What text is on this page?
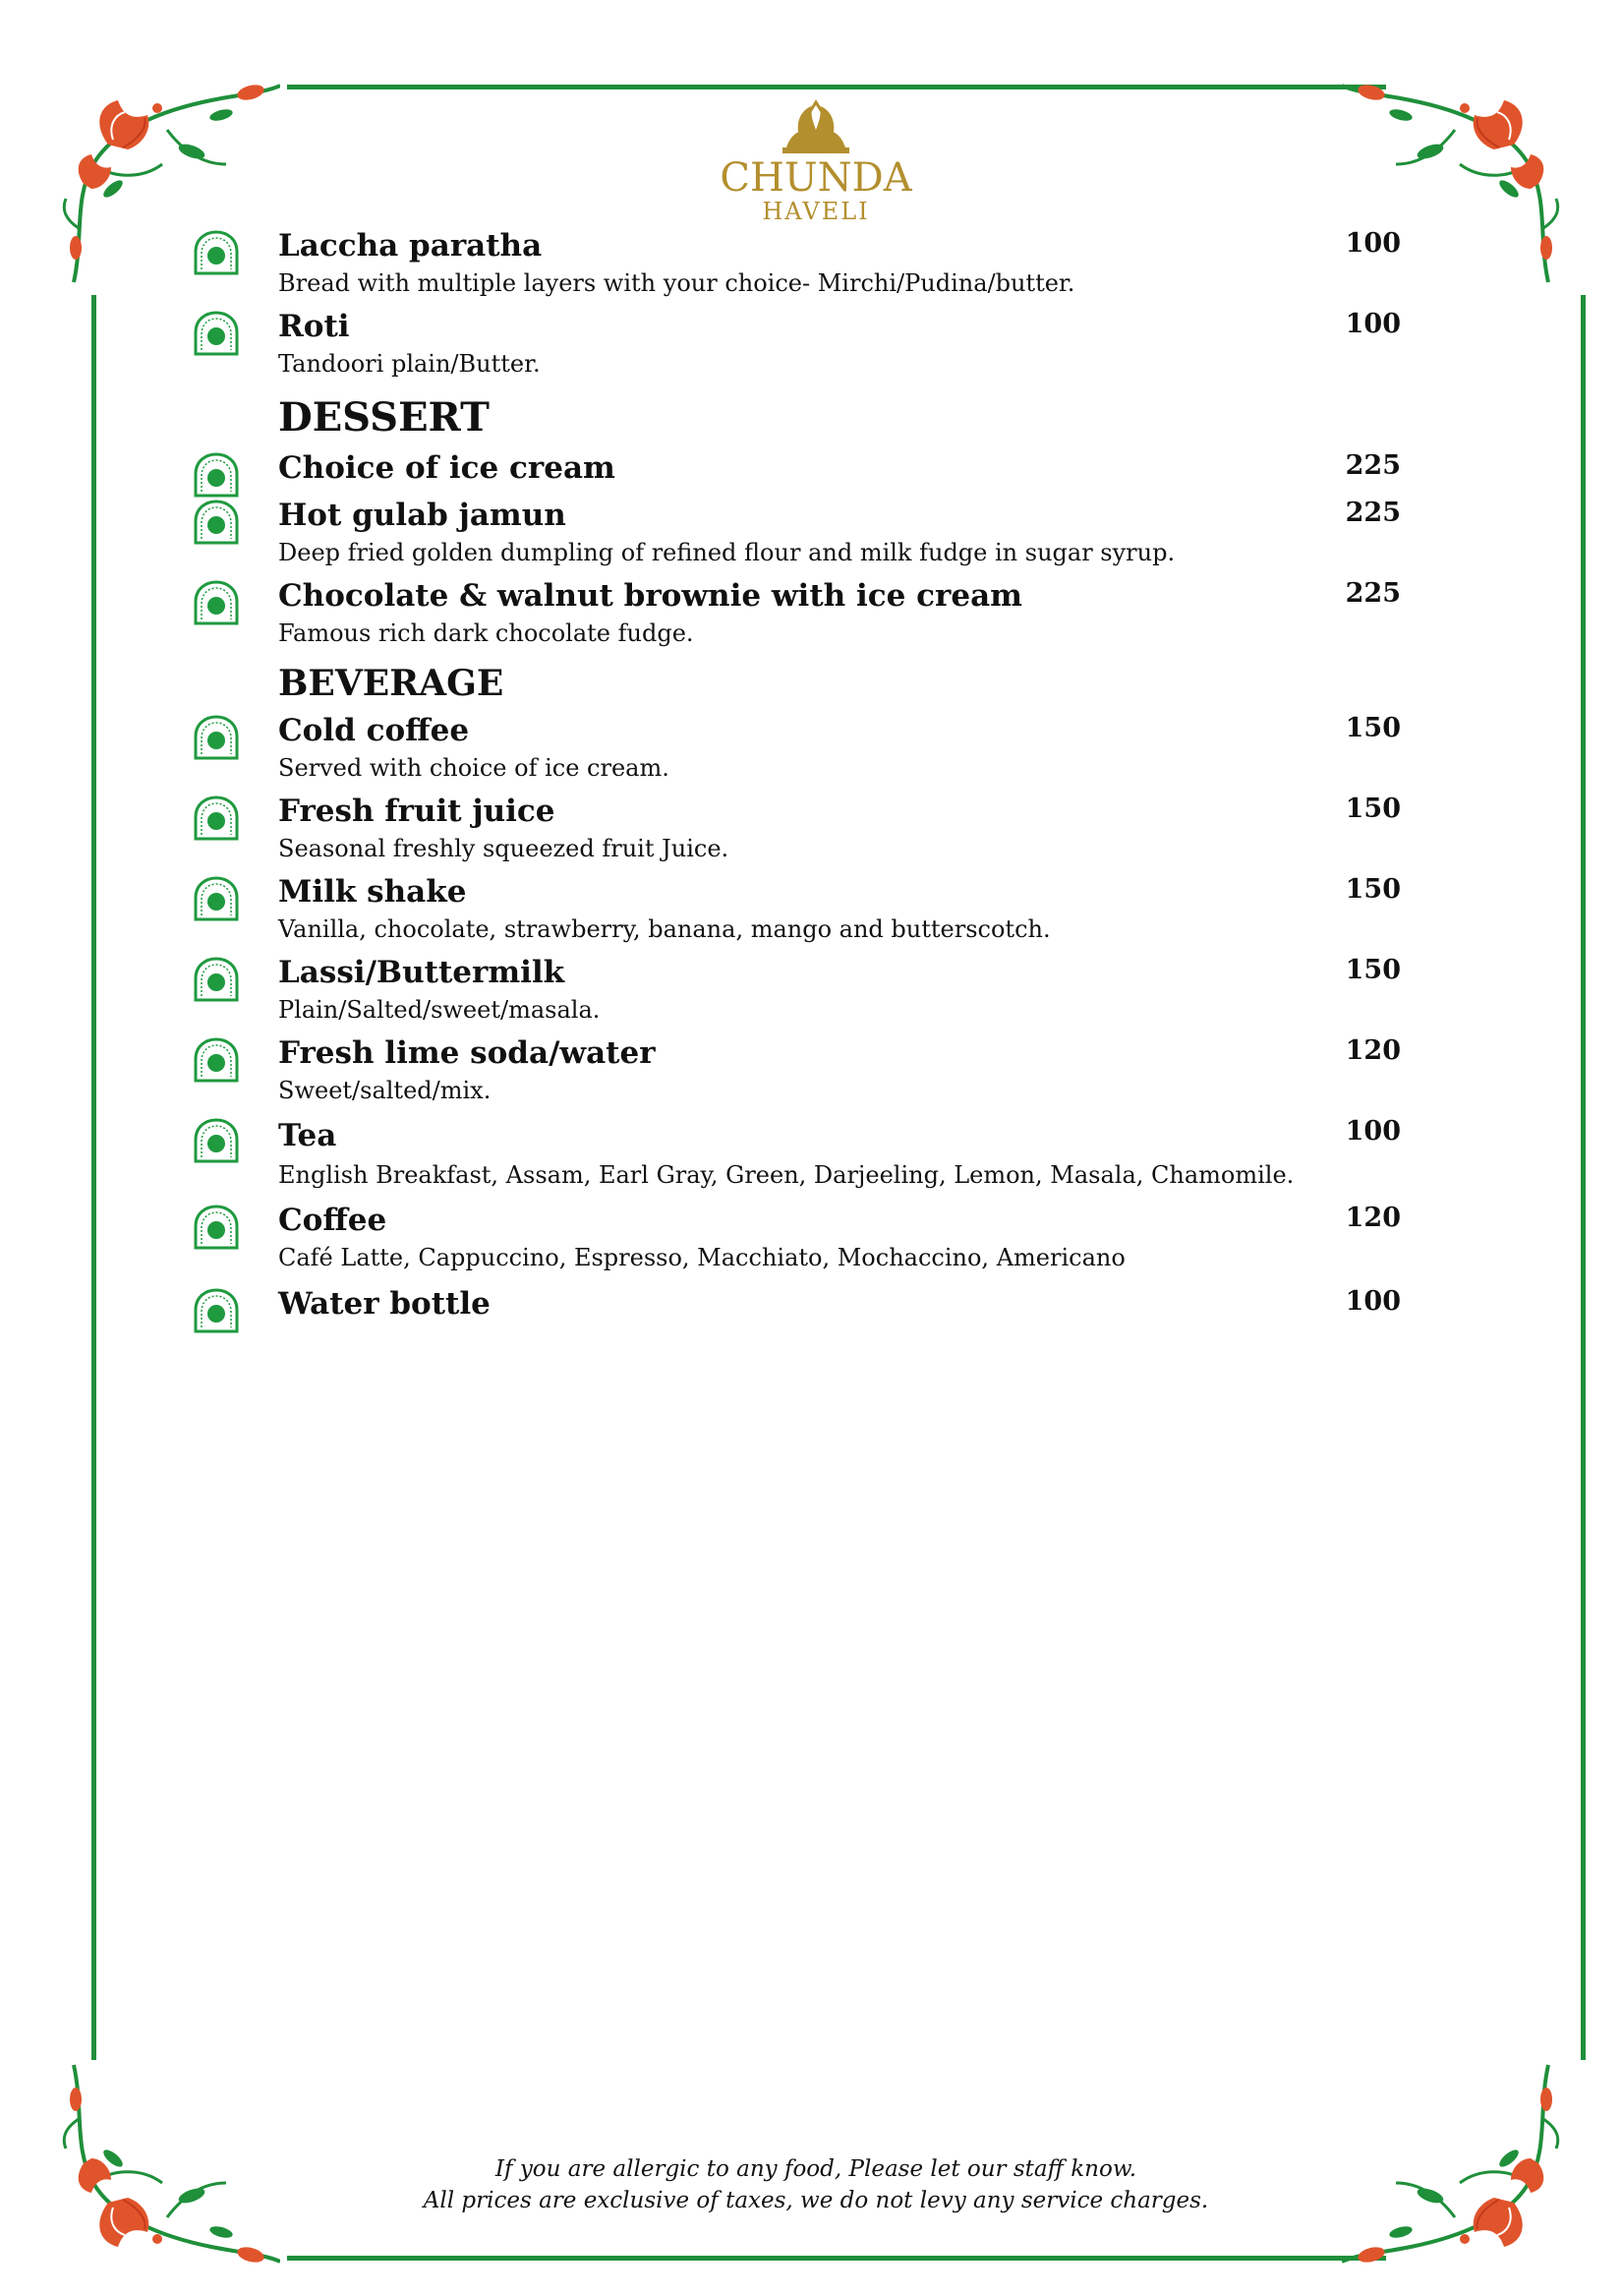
CHUNDA
HAVELI
Laccha paratha
Bread with multiple layers with your choice- Mirchi/Pudina/butter.
100
Roti
Tandoori plain/Butter.
100
DESSERT
Choice of ice cream	225
Hot gulab jamun
Deep fried golden dumpling of refined flour and milk fudge in sugar syrup.
225
Chocolate & walnut brownie with ice cream
Famous rich dark chocolate fudge.
225
BEVERAGE
Cold coffee
Served with choice of ice cream.
150
Fresh fruit juice
Seasonal freshly squeezed fruit Juice.
150
Milk shake
Vanilla, chocolate, strawberry, banana, mango and butterscotch.
150
Lassi/Buttermilk
Plain/Salted/sweet/masala.
150
Fresh lime soda/water
Sweet/salted/mix.
120
Tea
English Breakfast, Assam, Earl Gray, Green, Darjeeling, Lemon, Masala, Chamomile.
100
Coffee
Café Latte, Cappuccino, Espresso, Macchiato, Mochaccino, Americano
120
Water bottle	100
If you are allergic to any food, Please let our staff know.
All prices are exclusive of taxes, we do not levy any service charges.
